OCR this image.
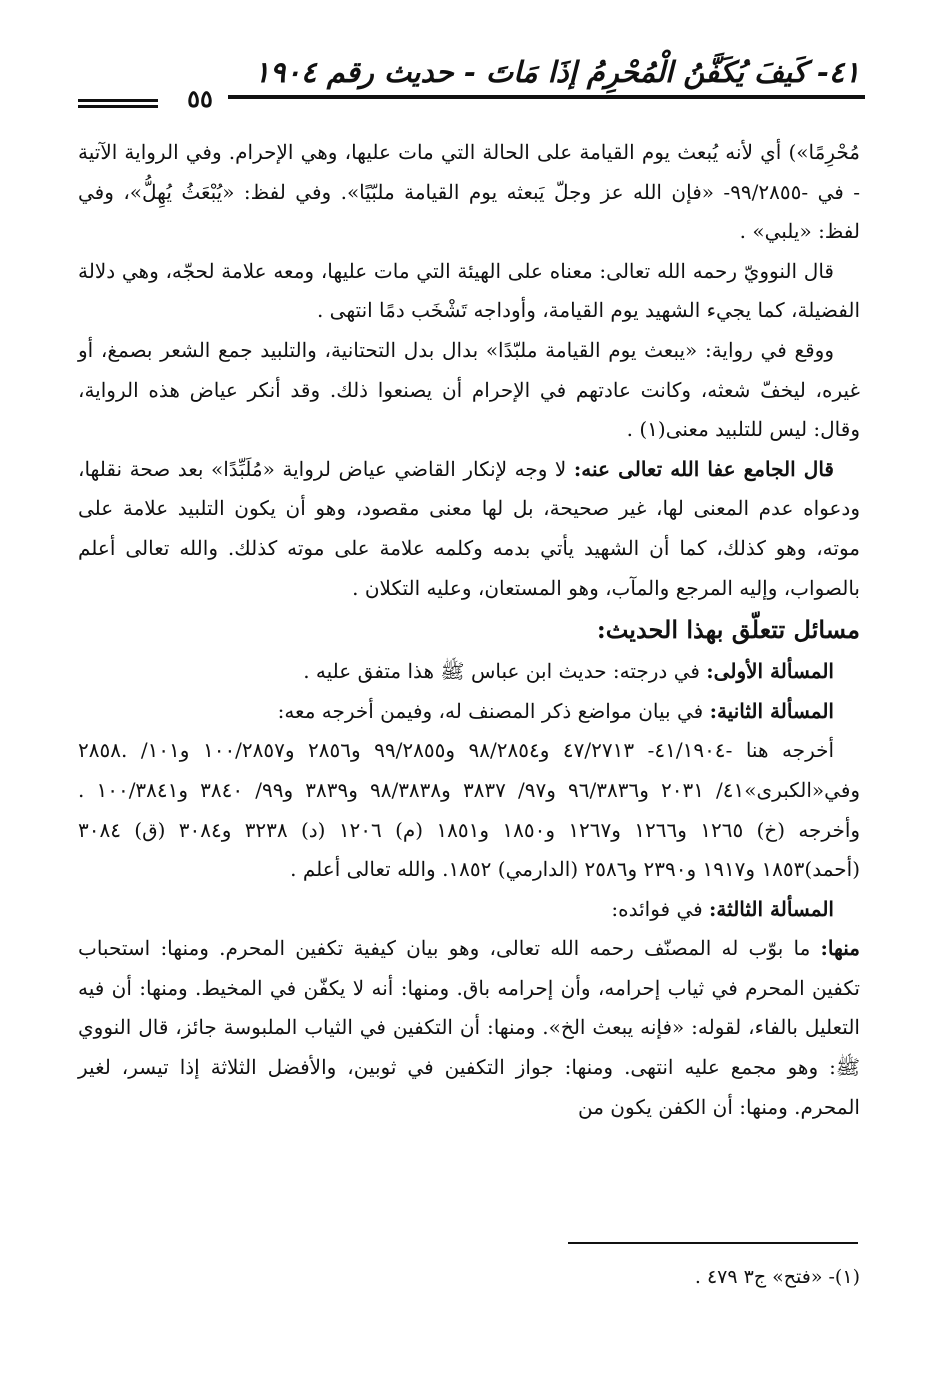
٤١- كَيفَ يُكَفَّنُ الْمُحْرِمُ إذَا مَاتَ - حديث رقم ١٩٠٤
٥٥

مُحْرِمًا») أي لأنه يُبعث يوم القيامة على الحالة التي مات عليها، وهي الإحرام. وفي الرواية الآتية - في -٩٩/٢٨٥٥- «فإن الله عز وجلّ يَبعثه يوم القيامة ملبّيًا». وفي لفظ: «يُبْعَثُ يُهِلُّ»، وفي لفظ: «يلبي» .

قال النوويّ رحمه الله تعالى: معناه على الهيئة التي مات عليها، ومعه علامة لحجّه، وهي دلالة الفضيلة، كما يجيء الشهيد يوم القيامة، وأوداجه تَشْخَب دمًا انتهى .

ووقع في رواية: «يبعث يوم القيامة ملبّدًا» بدال بدل التحتانية، والتلبيد جمع الشعر بصمغ، أو غيره، ليخفّ شعثه، وكانت عادتهم في الإحرام أن يصنعوا ذلك. وقد أنكر عياض هذه الرواية، وقال: ليس للتلبيد معنى(١) .

قال الجامع عفا الله تعالى عنه: لا وجه لإنكار القاضي عياض لرواية «مُلَبِّدًا» بعد صحة نقلها، ودعواه عدم المعنى لها، غير صحيحة، بل لها معنى مقصود، وهو أن يكون التلبيد علامة على موته، وهو كذلك، كما أن الشهيد يأتي بدمه وكلمه علامة على موته كذلك. والله تعالى أعلم بالصواب، وإليه المرجع والمآب، وهو المستعان، وعليه التكلان .

مسائل تتعلّق بهذا الحديث:

المسألة الأولى: في درجته: حديث ابن عباس ﷺ هذا متفق عليه .

المسألة الثانية: في بيان مواضع ذكر المصنف له، وفيمن أخرجه معه:

أخرجه هنا -٤١/١٩٠٤- ٤٧/٢٧١٣ و٩٨/٢٨٥٤ و٩٩/٢٨٥٥ و٢٨٥٦ و١٠٠/٢٨٥٧ و١٠١/ .٢٨٥٨ وفي«الكبرى»٤١/ ٢٠٣١ و٩٦/٣٨٣٦ و٩٧/ ٣٨٣٧ و٩٨/٣٨٣٨ و٣٨٣٩ و٩٩/ ٣٨٤٠ و١٠٠/٣٨٤١ . وأخرجه (خ) ١٢٦٥ و١٢٦٦ و١٢٦٧ و١٨٥٠ و١٨٥١ (م) ١٢٠٦ (د) ٣٢٣٨ و٣٠٨٤ (ق) ٣٠٨٤ (أحمد)١٨٥٣ و١٩١٧ و٢٣٩٠ و٢٥٨٦ (الدارمي) ١٨٥٢. والله تعالى أعلم .

المسألة الثالثة: في فوائده:

منها: ما بوّب له المصنّف رحمه الله تعالى، وهو بيان كيفية تكفين المحرم. ومنها: استحباب تكفين المحرم في ثياب إحرامه، وأن إحرامه باق. ومنها: أنه لا يكفّن في المخيط. ومنها: أن فيه التعليل بالفاء، لقوله: «فإنه يبعث الخ». ومنها: أن التكفين في الثياب الملبوسة جائز، قال النووي ﷺ: وهو مجمع عليه انتهى. ومنها: جواز التكفين في ثوبين، والأفضل الثلاثة إذا تيسر، لغير المحرم. ومنها: أن الكفن يكون من

(١)- «فتح» ج٣ ٤٧٩ .
